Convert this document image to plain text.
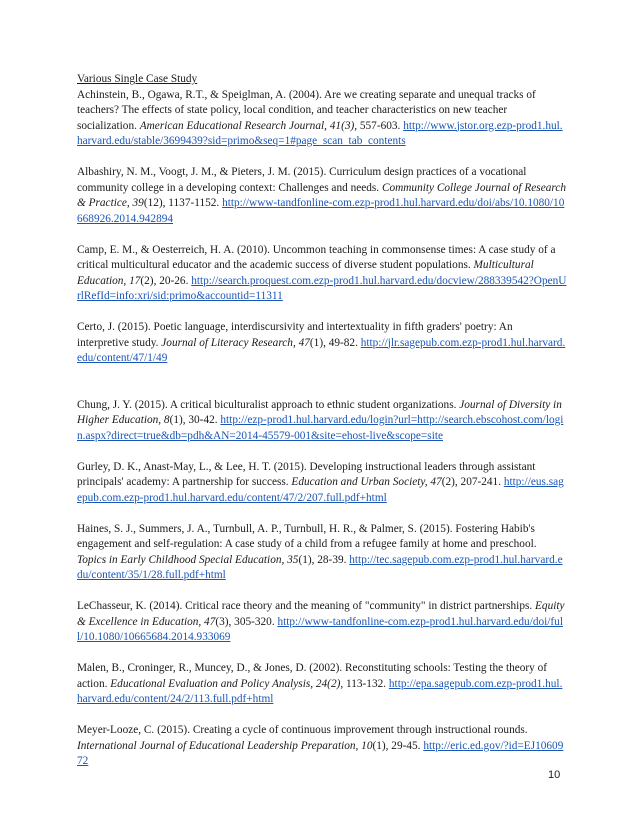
Various Single Case Study

Achinstein, B., Ogawa, R.T., & Speiglman, A. (2004). Are we creating separate and unequal tracks of teachers? The effects of state policy, local condition, and teacher characteristics on new teacher socialization. American Educational Research Journal, 41(3), 557-603. http://www.jstor.org.ezp-prod1.hul.harvard.edu/stable/3699439?sid=primo&seq=1#page_scan_tab_contents

Albashiry, N. M., Voogt, J. M., & Pieters, J. M. (2015). Curriculum design practices of a vocational community college in a developing context: Challenges and needs. Community College Journal of Research & Practice, 39(12), 1137-1152. http://www-tandfonline-com.ezp-prod1.hul.harvard.edu/doi/abs/10.1080/10668926.2014.942894

Camp, E. M., & Oesterreich, H. A. (2010). Uncommon teaching in commonsense times: A case study of a critical multicultural educator and the academic success of diverse student populations. Multicultural Education, 17(2), 20-26. http://search.proquest.com.ezp-prod1.hul.harvard.edu/docview/288339542?OpenUrlRefId=info:xri/sid:primo&accountid=11311

Certo, J. (2015). Poetic language, interdiscursivity and intertextuality in fifth graders' poetry: An interpretive study. Journal of Literacy Research, 47(1), 49-82. http://jlr.sagepub.com.ezp-prod1.hul.harvard.edu/content/47/1/49

Chung, J. Y. (2015). A critical biculturalist approach to ethnic student organizations. Journal of Diversity in Higher Education, 8(1), 30-42. http://ezp-prod1.hul.harvard.edu/login?url=http://search.ebscohost.com/login.aspx?direct=true&db=pdh&AN=2014-45579-001&site=ehost-live&scope=site

Gurley, D. K., Anast-May, L., & Lee, H. T. (2015). Developing instructional leaders through assistant principals' academy: A partnership for success. Education and Urban Society, 47(2), 207-241. http://eus.sagepub.com.ezp-prod1.hul.harvard.edu/content/47/2/207.full.pdf+html

Haines, S. J., Summers, J. A., Turnbull, A. P., Turnbull, H. R., & Palmer, S. (2015). Fostering Habib's engagement and self-regulation: A case study of a child from a refugee family at home and preschool. Topics in Early Childhood Special Education, 35(1), 28-39. http://tec.sagepub.com.ezp-prod1.hul.harvard.edu/content/35/1/28.full.pdf+html

LeChasseur, K. (2014). Critical race theory and the meaning of "community" in district partnerships. Equity & Excellence in Education, 47(3), 305-320. http://www-tandfonline-com.ezp-prod1.hul.harvard.edu/doi/full/10.1080/10665684.2014.933069

Malen, B., Croninger, R., Muncey, D., & Jones, D. (2002). Reconstituting schools: Testing the theory of action. Educational Evaluation and Policy Analysis, 24(2), 113-132. http://epa.sagepub.com.ezp-prod1.hul.harvard.edu/content/24/2/113.full.pdf+html

Meyer-Looze, C. (2015). Creating a cycle of continuous improvement through instructional rounds. International Journal of Educational Leadership Preparation, 10(1), 29-45. http://eric.ed.gov/?id=EJ1060972

10
